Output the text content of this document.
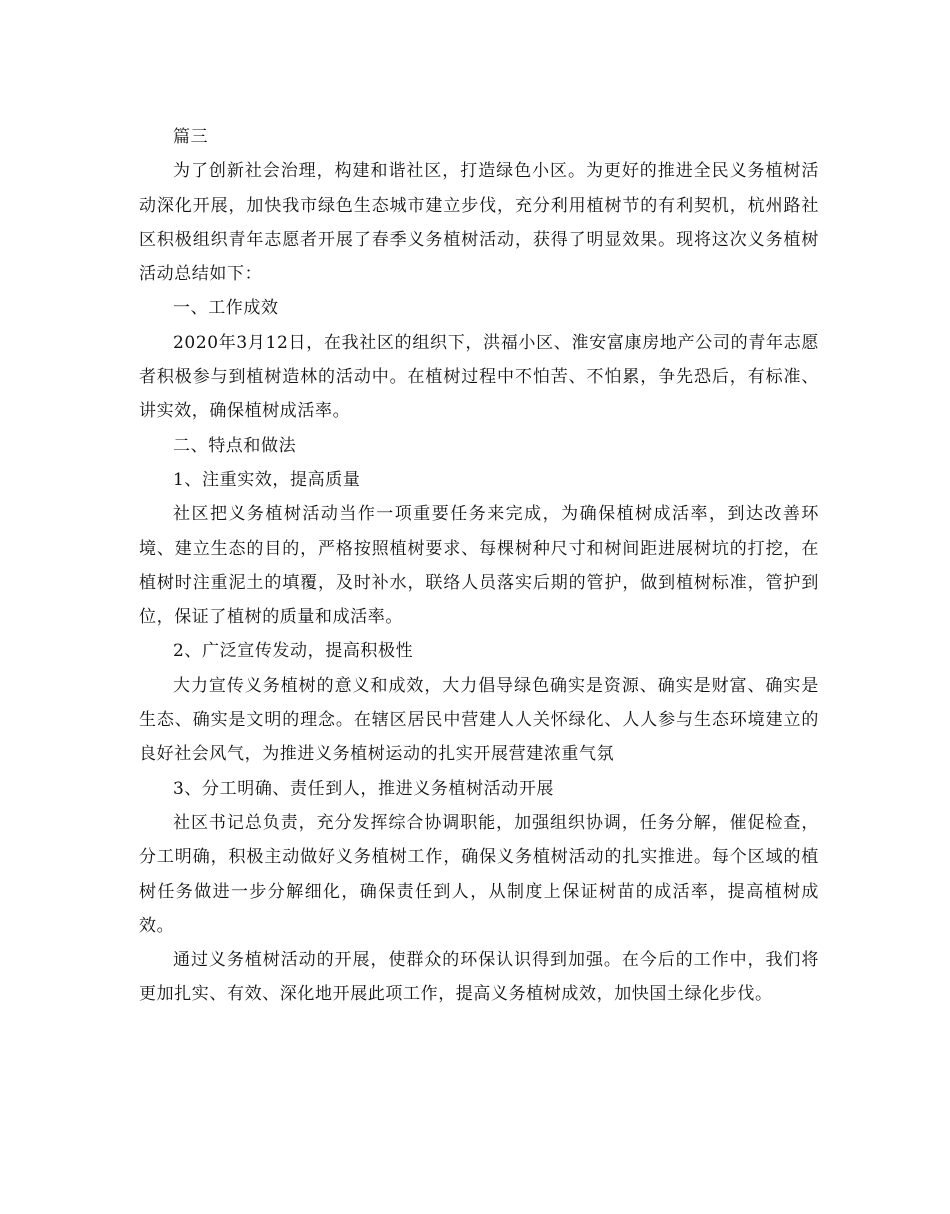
篇三

为了创新社会治理，构建和谐社区，打造绿色小区。为更好的推进全民义务植树活动深化开展，加快我市绿色生态城市建立步伐，充分利用植树节的有利契机，杭州路社区积极组织青年志愿者开展了春季义务植树活动，获得了明显效果。现将这次义务植树活动总结如下：

一、工作成效

2020年3月12日，在我社区的组织下，洪福小区、淮安富康房地产公司的青年志愿者积极参与到植树造林的活动中。在植树过程中不怕苦、不怕累，争先恐后，有标准、讲实效，确保植树成活率。

二、特点和做法

1、注重实效，提高质量

社区把义务植树活动当作一项重要任务来完成，为确保植树成活率，到达改善环境、建立生态的目的，严格按照植树要求、每棵树种尺寸和树间距进展树坑的打挖，在植树时注重泥土的填覆，及时补水，联络人员落实后期的管护，做到植树标准，管护到位，保证了植树的质量和成活率。

2、广泛宣传发动，提高积极性

大力宣传义务植树的意义和成效，大力倡导绿色确实是资源、确实是财富、确实是生态、确实是文明的理念。在辖区居民中营建人人关怀绿化、人人参与生态环境建立的良好社会风气，为推进义务植树运动的扎实开展营建浓重气氛

3、分工明确、责任到人，推进义务植树活动开展

社区书记总负责，充分发挥综合协调职能，加强组织协调，任务分解，催促检查，分工明确，积极主动做好义务植树工作，确保义务植树活动的扎实推进。每个区域的植树任务做进一步分解细化，确保责任到人，从制度上保证树苗的成活率，提高植树成效。

通过义务植树活动的开展，使群众的环保认识得到加强。在今后的工作中，我们将更加扎实、有效、深化地开展此项工作，提高义务植树成效，加快国土绿化步伐。
